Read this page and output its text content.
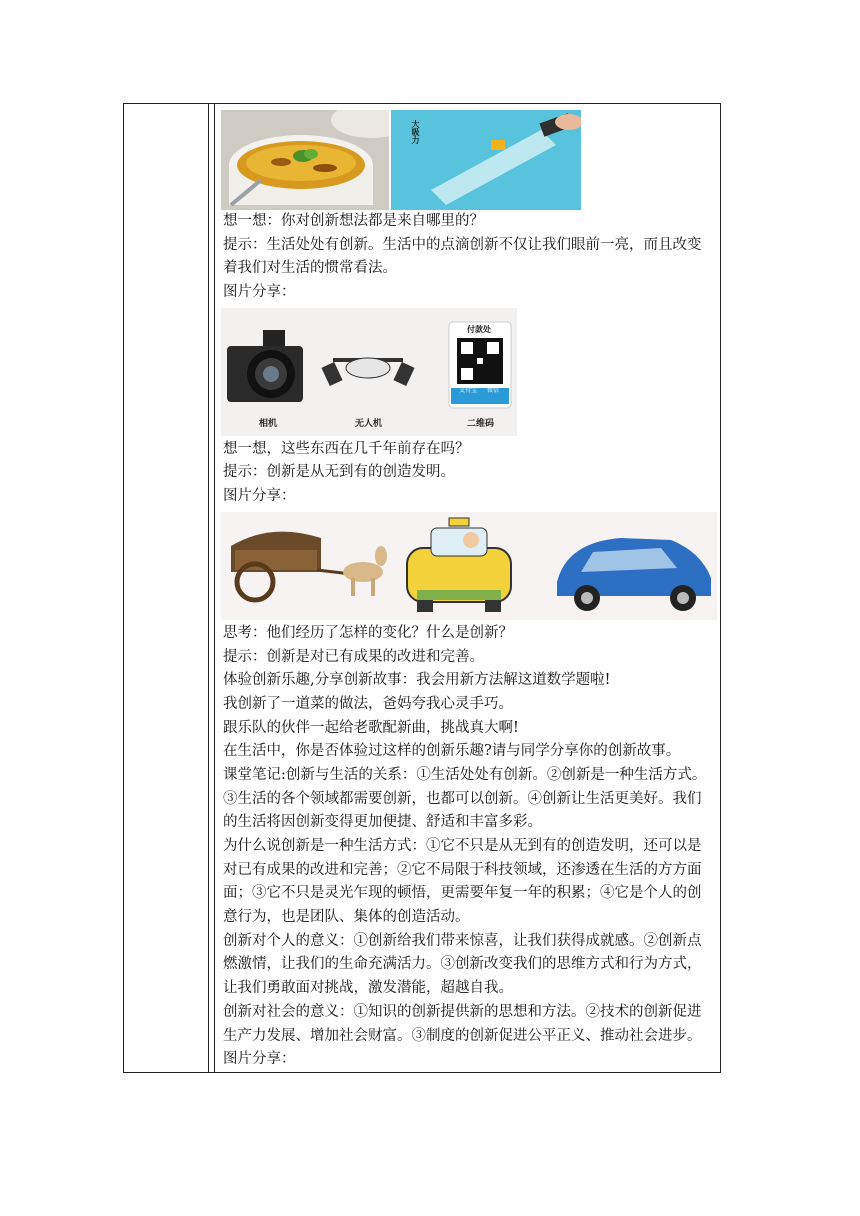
大吸力
想一想：你对创新想法都是来自哪里的？
提示：生活处处有创新。生活中的点滴创新不仅让我们眼前一亮，而且改变
着我们对生活的惯常看法。
图片分享：
付款处
支付宝 微信
相机	无人机	二维码
想一想，这些东西在几千年前存在吗？
提示：创新是从无到有的创造发明。
图片分享：
思考：他们经历了怎样的变化？什么是创新？
提示：创新是对已有成果的改进和完善。
体验创新乐趣,分享创新故事：我会用新方法解这道数学题啦!
我创新了一道菜的做法，爸妈夸我心灵手巧。
跟乐队的伙伴一起给老歌配新曲，挑战真大啊!
在生活中，你是否体验过这样的创新乐趣?请与同学分享你的创新故事。
课堂笔记:创新与生活的关系：①生活处处有创新。②创新是一种生活方式。
③生活的各个领域都需要创新，也都可以创新。④创新让生活更美好。我们
的生活将因创新变得更加便捷、舒适和丰富多彩。
为什么说创新是一种生活方式：①它不只是从无到有的创造发明，还可以是
对已有成果的改进和完善；②它不局限于科技领域，还渗透在生活的方方面
面；③它不只是灵光乍现的顿悟，更需要年复一年的积累；④它是个人的创
意行为，也是团队、集体的创造活动。
创新对个人的意义：①创新给我们带来惊喜，让我们获得成就感。②创新点
燃激情，让我们的生命充满活力。③创新改变我们的思维方式和行为方式，
让我们勇敢面对挑战，激发潜能，超越自我。
创新对社会的意义：①知识的创新提供新的思想和方法。②技术的创新促进
生产力发展、增加社会财富。③制度的创新促进公平正义、推动社会进步。
图片分享：
